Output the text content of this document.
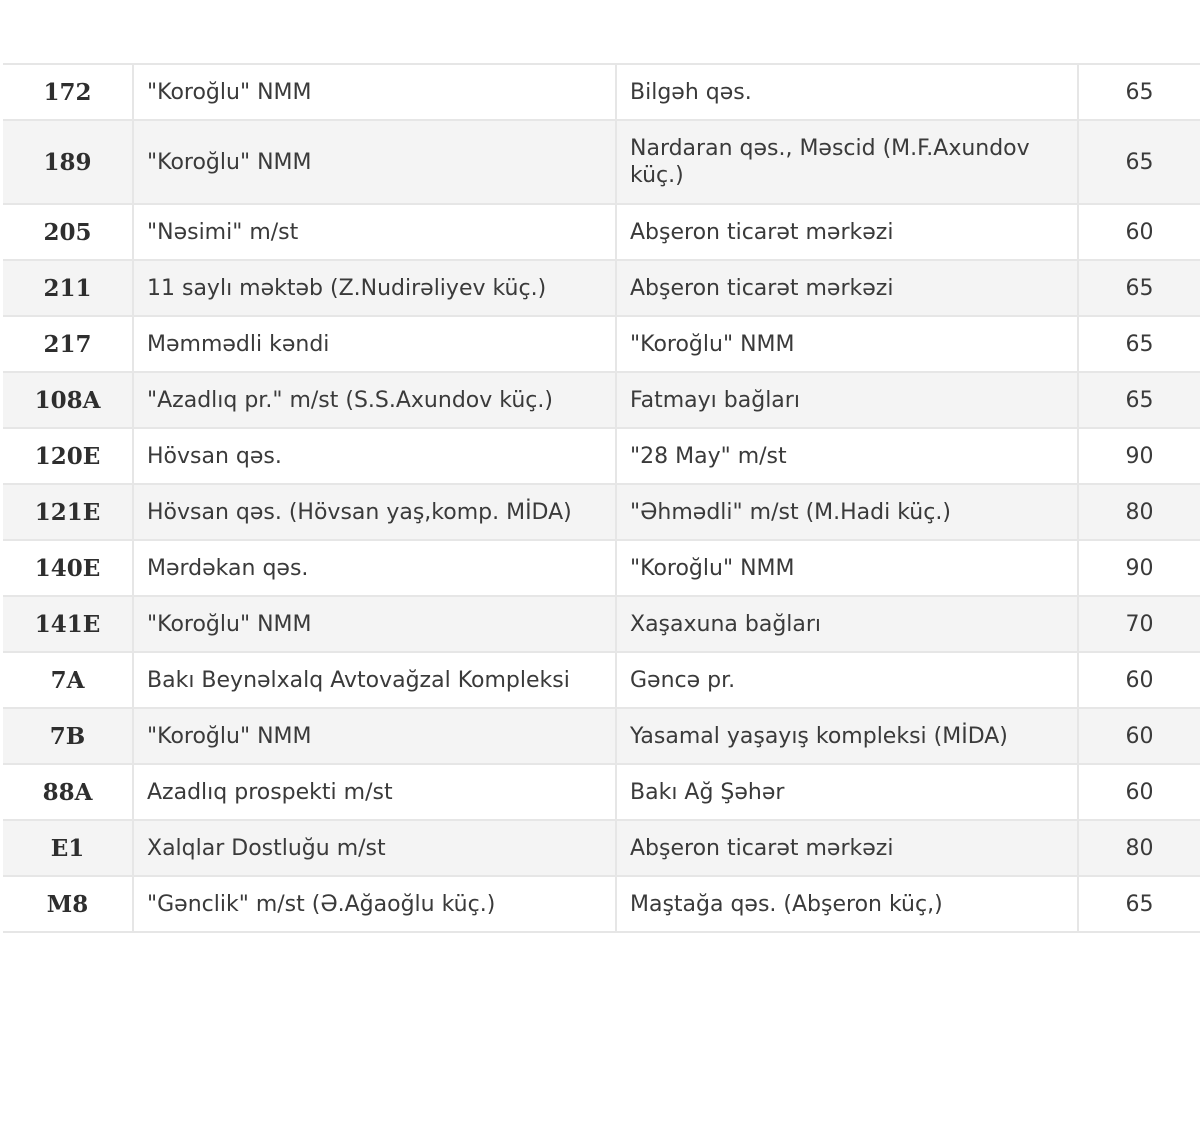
172	"Koroğlu" NMM	Bilgəh qəs.	65
189	"Koroğlu" NMM	Nardaran qəs., Məscid (M.F.Axundov küç.)	65
205	"Nəsimi" m/st	Abşeron ticarət mərkəzi	60
211	11 saylı məktəb (Z.Nudirəliyev küç.)	Abşeron ticarət mərkəzi	65
217	Məmmədli kəndi	"Koroğlu" NMM	65
108A	"Azadlıq pr." m/st (S.S.Axundov küç.)	Fatmayı bağları	65
120E	Hövsan qəs.	"28 May" m/st	90
121E	Hövsan qəs. (Hövsan yaş,komp. MİDA)	"Əhmədli" m/st (M.Hadi küç.)	80
140E	Mərdəkan qəs.	"Koroğlu" NMM	90
141E	"Koroğlu" NMM	Xaşaxuna bağları	70
7A	Bakı Beynəlxalq Avtovağzal Kompleksi	Gəncə pr.	60
7B	"Koroğlu" NMM	Yasamal yaşayış kompleksi (MİDA)	60
88A	Azadlıq prospekti m/st	Bakı Ağ Şəhər	60
E1	Xalqlar Dostluğu m/st	Abşeron ticarət mərkəzi	80
M8	"Gənclik" m/st (Ə.Ağaoğlu küç.)	Maştağa qəs. (Abşeron küç,)	65
